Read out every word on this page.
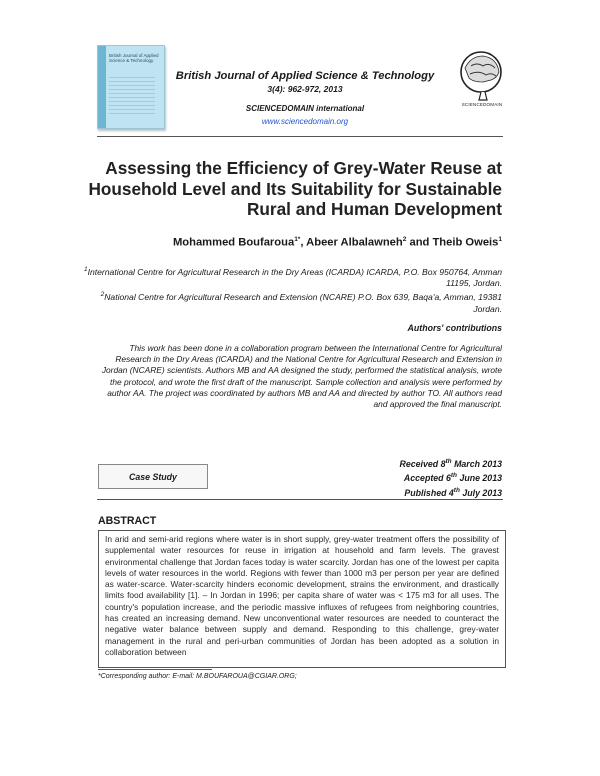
British Journal of Applied Science & Technology
British Journal of Applied Science & Technology
3(4): 962-972, 2013
SCIENCEDOMAIN international
www.sciencedomain.org
SCIENCEDOMAIN
Assessing the Efficiency of Grey-Water Reuse at Household Level and Its Suitability for Sustainable Rural and Human Development
Mohammed Boufaroua$^{1*}$, Abeer Albalawneh$^2$ and Theib Oweis$^1$

$^1$International Centre for Agricultural Research in the Dry Areas (ICARDA) ICARDA, P.O. Box 950764, Amman 11195, Jordan.

$^2$National Centre for Agricultural Research and Extension (NCARE) P.O. Box 639, Baqa'a, Amman, 19381 Jordan.

Authors' contributions
This work has been done in a collaboration program between the International Centre for Agricultural Research in the Dry Areas (ICARDA) and the National Centre for Agricultural Research and Extension in Jordan (NCARE) scientists. Authors MB and AA designed the study, performed the statistical analysis, wrote the protocol, and wrote the first draft of the manuscript. Sample collection and analysis were performed by author AA. The project was coordinated by authors MB and AA and directed by author TO. All authors read and approved the final manuscript.
Case Study

Received 8th March 2013

Accepted 6th June 2013

Published 4th July 2013

ABSTRACT
In arid and semi-arid regions where water is in short supply, grey-water treatment offers the possibility of supplemental water resources for reuse in irrigation at household and farm levels. The gravest environmental challenge that Jordan faces today is water scarcity. Jordan has one of the lowest per capita levels of water resources in the world. Regions with fewer than 1000 m3 per person per year are defined as water-scarce. Water-scarcity hinders economic development, strains the environment, and drastically limits food availability [1]. – In Jordan in 1996; per capita share of water was < 175 m3 for all uses. The country's population increase, and the periodic massive influxes of refugees from neighboring countries, has created an increasing demand. New unconventional water resources are needed to counteract the negative water balance between supply and demand. Responding to this challenge, grey-water management in the rural and peri-urban communities of Jordan has been adopted as a solution in collaboration between
*Corresponding author: E-mail: M.BOUFAROUA@CGIAR.ORG;
